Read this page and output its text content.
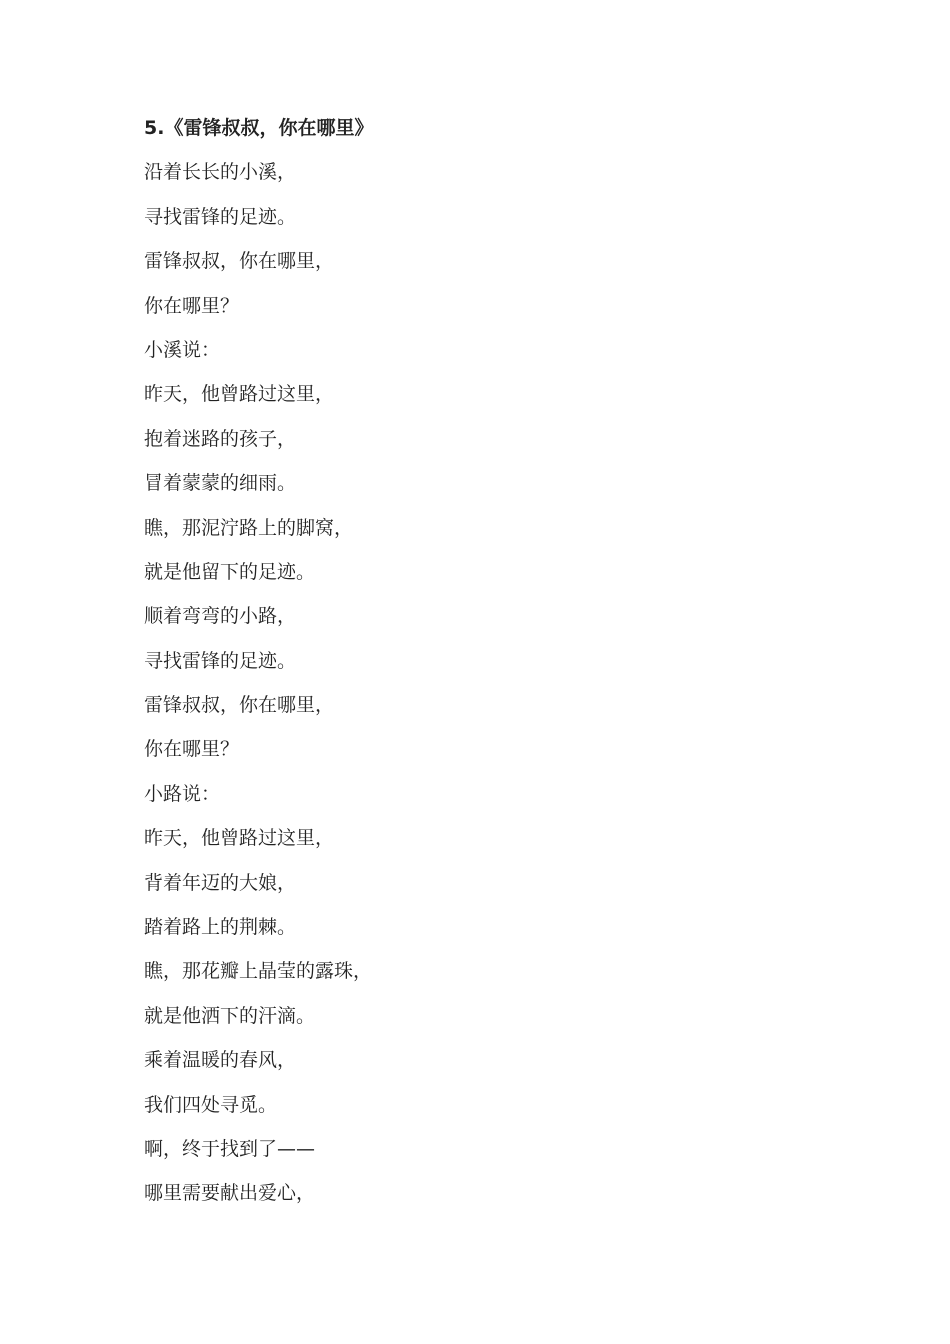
5.《雷锋叔叔，你在哪里》
沿着长长的小溪，
寻找雷锋的足迹。
雷锋叔叔，你在哪里，
你在哪里？
小溪说：
昨天，他曾路过这里，
抱着迷路的孩子，
冒着蒙蒙的细雨。
瞧，那泥泞路上的脚窝，
就是他留下的足迹。
顺着弯弯的小路，
寻找雷锋的足迹。
雷锋叔叔，你在哪里，
你在哪里？
小路说：
昨天，他曾路过这里，
背着年迈的大娘，
踏着路上的荆棘。
瞧，那花瓣上晶莹的露珠，
就是他洒下的汗滴。
乘着温暖的春风，
我们四处寻觅。
啊，终于找到了——
哪里需要献出爱心，
